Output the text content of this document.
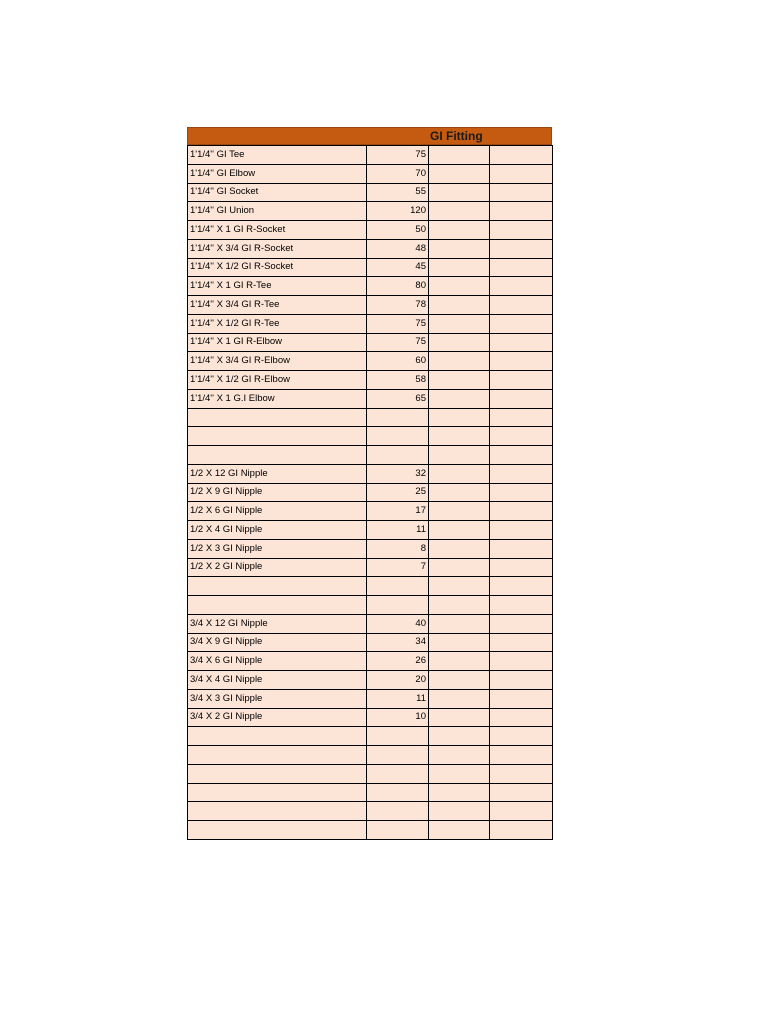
GI Fitting
1'1/4'' GI Tee	75		
1'1/4'' GI Elbow	70		
1'1/4'' GI Socket	55		
1'1/4'' GI Union	120		
1'1/4'' X 1 GI R-Socket	50		
1'1/4'' X 3/4 GI R-Socket	48		
1'1/4'' X 1/2 GI R-Socket	45		
1'1/4'' X 1 GI R-Tee	80		
1'1/4'' X 3/4 GI R-Tee	78		
1'1/4'' X 1/2 GI R-Tee	75		
1'1/4'' X 1 GI R-Elbow	75		
1'1/4'' X 3/4 GI R-Elbow	60		
1'1/4'' X 1/2 GI R-Elbow	58		
1'1/4'' X 1 G.I Elbow	65		

1/2 X 12 GI Nipple	32		
1/2 X 9 GI Nipple	25		
1/2 X 6 GI Nipple	17		
1/2 X 4 GI Nipple	11		
1/2 X 3 GI Nipple	8		
1/2 X 2 GI Nipple	7		

3/4 X 12 GI Nipple	40		
3/4 X 9 GI Nipple	34		
3/4 X 6 GI Nipple	26		
3/4 X 4 GI Nipple	20		
3/4 X 3 GI Nipple	11		
3/4 X 2 GI Nipple	10		
